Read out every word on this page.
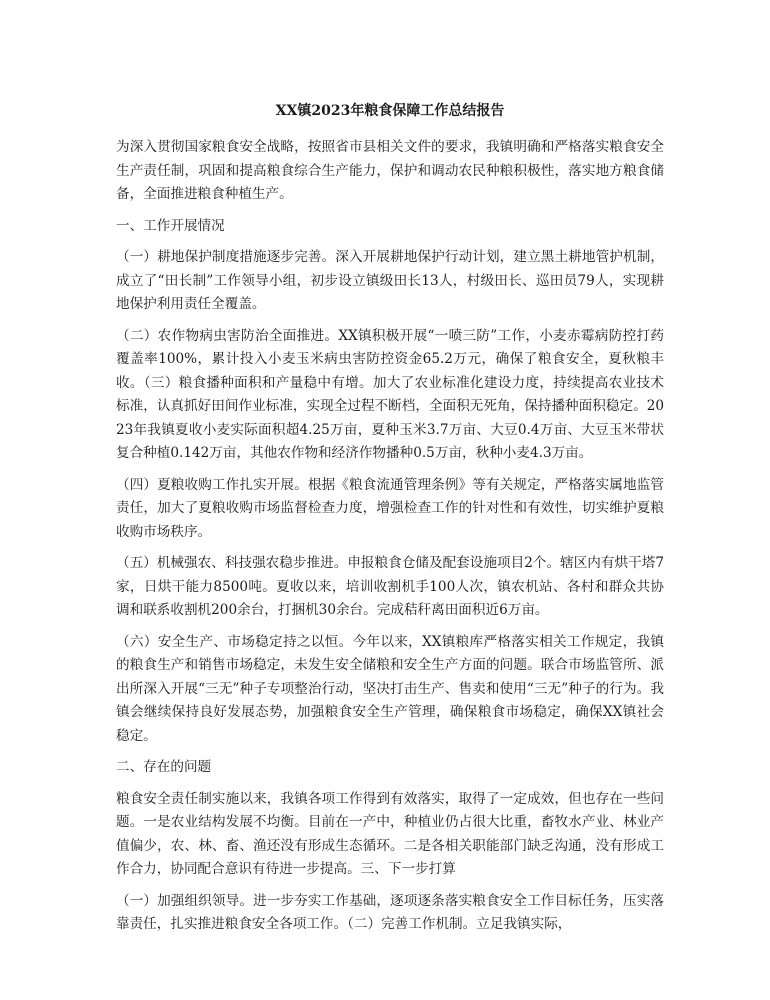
XX镇2023年粮食保障工作总结报告

为深入贯彻国家粮食安全战略，按照省市县相关文件的要求，我镇明确和严格落实粮食安全生产责任制，巩固和提高粮食综合生产能力，保护和调动农民种粮积极性，落实地方粮食储备，全面推进粮食种植生产。

一、工作开展情况

（一）耕地保护制度措施逐步完善。深入开展耕地保护行动计划，建立黑土耕地管护机制，成立了“田长制”工作领导小组，初步设立镇级田长13人，村级田长、巡田员79人，实现耕地保护利用责任全覆盖。

（二）农作物病虫害防治全面推进。XX镇积极开展“一喷三防”工作，小麦赤霉病防控打药覆盖率100%，累计投入小麦玉米病虫害防控资金65.2万元，确保了粮食安全，夏秋粮丰收。（三）粮食播种面积和产量稳中有增。加大了农业标准化建设力度，持续提高农业技术标准，认真抓好田间作业标准，实现全过程不断档，全面积无死角，保持播种面积稳定。2023年我镇夏收小麦实际面积超4.25万亩，夏种玉米3.7万亩、大豆0.4万亩、大豆玉米带状复合种植0.142万亩，其他农作物和经济作物播种0.5万亩，秋种小麦4.3万亩。

（四）夏粮收购工作扎实开展。根据《粮食流通管理条例》等有关规定，严格落实属地监管责任，加大了夏粮收购市场监督检查力度，增强检查工作的针对性和有效性，切实维护夏粮收购市场秩序。

（五）机械强农、科技强农稳步推进。申报粮食仓储及配套设施项目2个。辖区内有烘干塔7家，日烘干能力8500吨。夏收以来，培训收割机手100人次，镇农机站、各村和群众共协调和联系收割机200余台，打捆机30余台。完成秸秆离田面积近6万亩。

（六）安全生产、市场稳定持之以恒。今年以来，XX镇粮库严格落实相关工作规定，我镇的粮食生产和销售市场稳定，未发生安全储粮和安全生产方面的问题。联合市场监管所、派出所深入开展“三无”种子专项整治行动，坚决打击生产、售卖和使用“三无”种子的行为。我镇会继续保持良好发展态势，加强粮食安全生产管理，确保粮食市场稳定，确保XX镇社会稳定。

二、存在的问题

粮食安全责任制实施以来，我镇各项工作得到有效落实，取得了一定成效，但也存在一些问题。一是农业结构发展不均衡。目前在一产中，种植业仍占很大比重，畜牧水产业、林业产值偏少，农、林、畜、渔还没有形成生态循环。二是各相关职能部门缺乏沟通，没有形成工作合力，协同配合意识有待进一步提高。三、下一步打算

（一）加强组织领导。进一步夯实工作基础，逐项逐条落实粮食安全工作目标任务，压实落靠责任，扎实推进粮食安全各项工作。（二）完善工作机制。立足我镇实际，
